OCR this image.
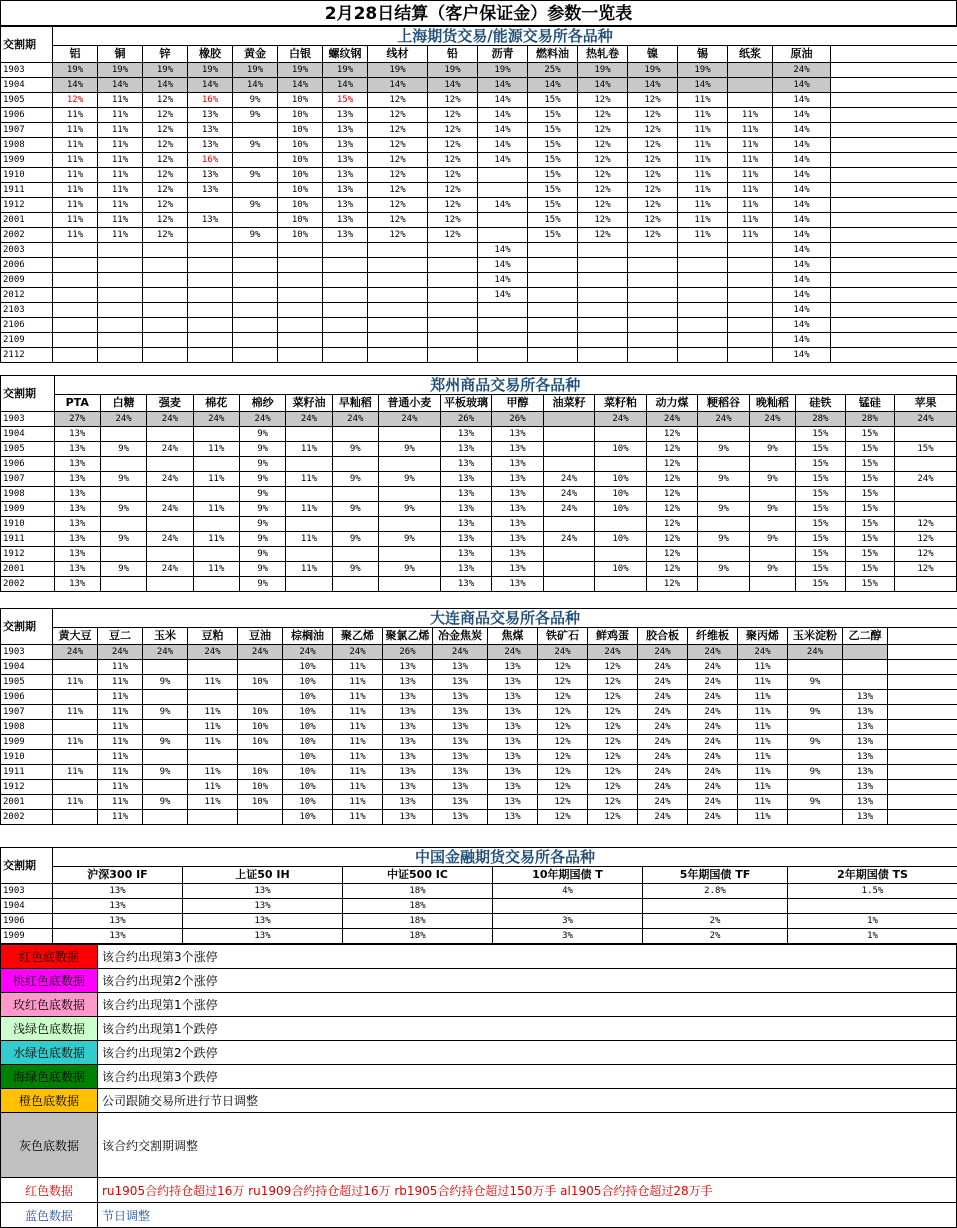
2月28日结算（客户保证金）参数一览表
交割期	上海期货交易/能源交易所各品种																
	铝	铜	锌	橡胶	黄金	白银	螺纹钢	线材	铅	沥青	燃料油	热轧卷	镍	锡	纸浆	原油	
1903	19%	19%	19%	19%	19%	19%	19%	19%	19%	19%	25%	19%	19%	19%		24%	
1904	14%	14%	14%	14%	14%	14%	14%	14%	14%	14%	14%	14%	14%	14%		14%	
1905	12%	11%	12%	16%	9%	10%	15%	12%	12%	14%	15%	12%	12%	11%		14%	
1906	11%	11%	12%	13%	9%	10%	13%	12%	12%	14%	15%	12%	12%	11%	11%	14%	
1907	11%	11%	12%	13%		10%	13%	12%	12%	14%	15%	12%	12%	11%	11%	14%	
1908	11%	11%	12%	13%	9%	10%	13%	12%	12%	14%	15%	12%	12%	11%	11%	14%	
1909	11%	11%	12%	16%		10%	13%	12%	12%	14%	15%	12%	12%	11%	11%	14%	
1910	11%	11%	12%	13%	9%	10%	13%	12%	12%		15%	12%	12%	11%	11%	14%	
1911	11%	11%	12%	13%		10%	13%	12%	12%		15%	12%	12%	11%	11%	14%	
1912	11%	11%	12%		9%	10%	13%	12%	12%	14%	15%	12%	12%	11%	11%	14%	
2001	11%	11%	12%	13%		10%	13%	12%	12%		15%	12%	12%	11%	11%	14%	
2002	11%	11%	12%		9%	10%	13%	12%	12%		15%	12%	12%	11%	11%	14%	
2003										14%						14%	
2006										14%						14%	
2009										14%						14%	
2012										14%						14%	
2103																14%	
2106																14%	
2109																14%	
2112																14%	
交割期	郑州商品交易所各品种																	
	PTA	白糖	强麦	棉花	棉纱	菜籽油	早籼稻	普通小麦	平板玻璃	甲醇	油菜籽	菜籽粕	动力煤	粳稻谷	晚籼稻	硅铁	锰硅	苹果
1903	27%	24%	24%	24%	24%	24%	24%	24%	26%	26%		24%	24%	24%	24%	28%	28%	24%
1904	13%				9%				13%	13%			12%			15%	15%	
1905	13%	9%	24%	11%	9%	11%	9%	9%	13%	13%		10%	12%	9%	9%	15%	15%	15%
1906	13%				9%				13%	13%			12%			15%	15%	
1907	13%	9%	24%	11%	9%	11%	9%	9%	13%	13%	24%	10%	12%	9%	9%	15%	15%	24%
1908	13%				9%				13%	13%	24%	10%	12%			15%	15%	
1909	13%	9%	24%	11%	9%	11%	9%	9%	13%	13%	24%	10%	12%	9%	9%	15%	15%	
1910	13%				9%				13%	13%			12%			15%	15%	12%
1911	13%	9%	24%	11%	9%	11%	9%	9%	13%	13%	24%	10%	12%	9%	9%	15%	15%	12%
1912	13%				9%				13%	13%			12%			15%	15%	12%
2001	13%	9%	24%	11%	9%	11%	9%	9%	13%	13%		10%	12%	9%	9%	15%	15%	12%
2002	13%				9%				13%	13%			12%			15%	15%	
交割期	大连商品交易所各品种																	
	黄大豆	豆二	玉米	豆粕	豆油	棕榈油	聚乙烯	聚氯乙烯	冶金焦炭	焦煤	铁矿石	鲜鸡蛋	胶合板	纤维板	聚丙烯	玉米淀粉	乙二醇	
1903	24%	24%	24%	24%	24%	24%	24%	26%	24%	24%	24%	24%	24%	24%	24%	24%		
1904		11%				10%	11%	13%	13%	13%	12%	12%	24%	24%	11%			
1905	11%	11%	9%	11%	10%	10%	11%	13%	13%	13%	12%	12%	24%	24%	11%	9%		
1906		11%				10%	11%	13%	13%	13%	12%	12%	24%	24%	11%		13%	
1907	11%	11%	9%	11%	10%	10%	11%	13%	13%	13%	12%	12%	24%	24%	11%	9%	13%	
1908		11%		11%	10%	10%	11%	13%	13%	13%	12%	12%	24%	24%	11%		13%	
1909	11%	11%	9%	11%	10%	10%	11%	13%	13%	13%	12%	12%	24%	24%	11%	9%	13%	
1910		11%				10%	11%	13%	13%	13%	12%	12%	24%	24%	11%		13%	
1911	11%	11%	9%	11%	10%	10%	11%	13%	13%	13%	12%	12%	24%	24%	11%	9%	13%	
1912		11%		11%	10%	10%	11%	13%	13%	13%	12%	12%	24%	24%	11%		13%	
2001	11%	11%	9%	11%	10%	10%	11%	13%	13%	13%	12%	12%	24%	24%	11%	9%	13%	
2002		11%				10%	11%	13%	13%	13%	12%	12%	24%	24%	11%		13%	
交割期	中国金融期货交易所各品种					
	沪深300 IF	上证50 IH	中证500 IC	10年期国债 T	5年期国债 TF	2年期国债 TS
1903	13%	13%	18%	4%	2.8%	1.5%
1904	13%	13%	18%			
1906	13%	13%	18%	3%	2%	1%
1909	13%	13%	18%	3%	2%	1%
红色底数据	该合约出现第3个涨停
桃红色底数据	该合约出现第2个涨停
玫红色底数据	该合约出现第1个涨停
浅绿色底数据	该合约出现第1个跌停
水绿色底数据	该合约出现第2个跌停
海绿色底数据	该合约出现第3个跌停
橙色底数据	公司跟随交易所进行节日调整
灰色底数据	该合约交割期调整
红色数据	ru1905合约持仓超过16万 ru1909合约持仓超过16万 rb1905合约持仓超过150万手 al1905合约持仓超过28万手
蓝色数据	节日调整
